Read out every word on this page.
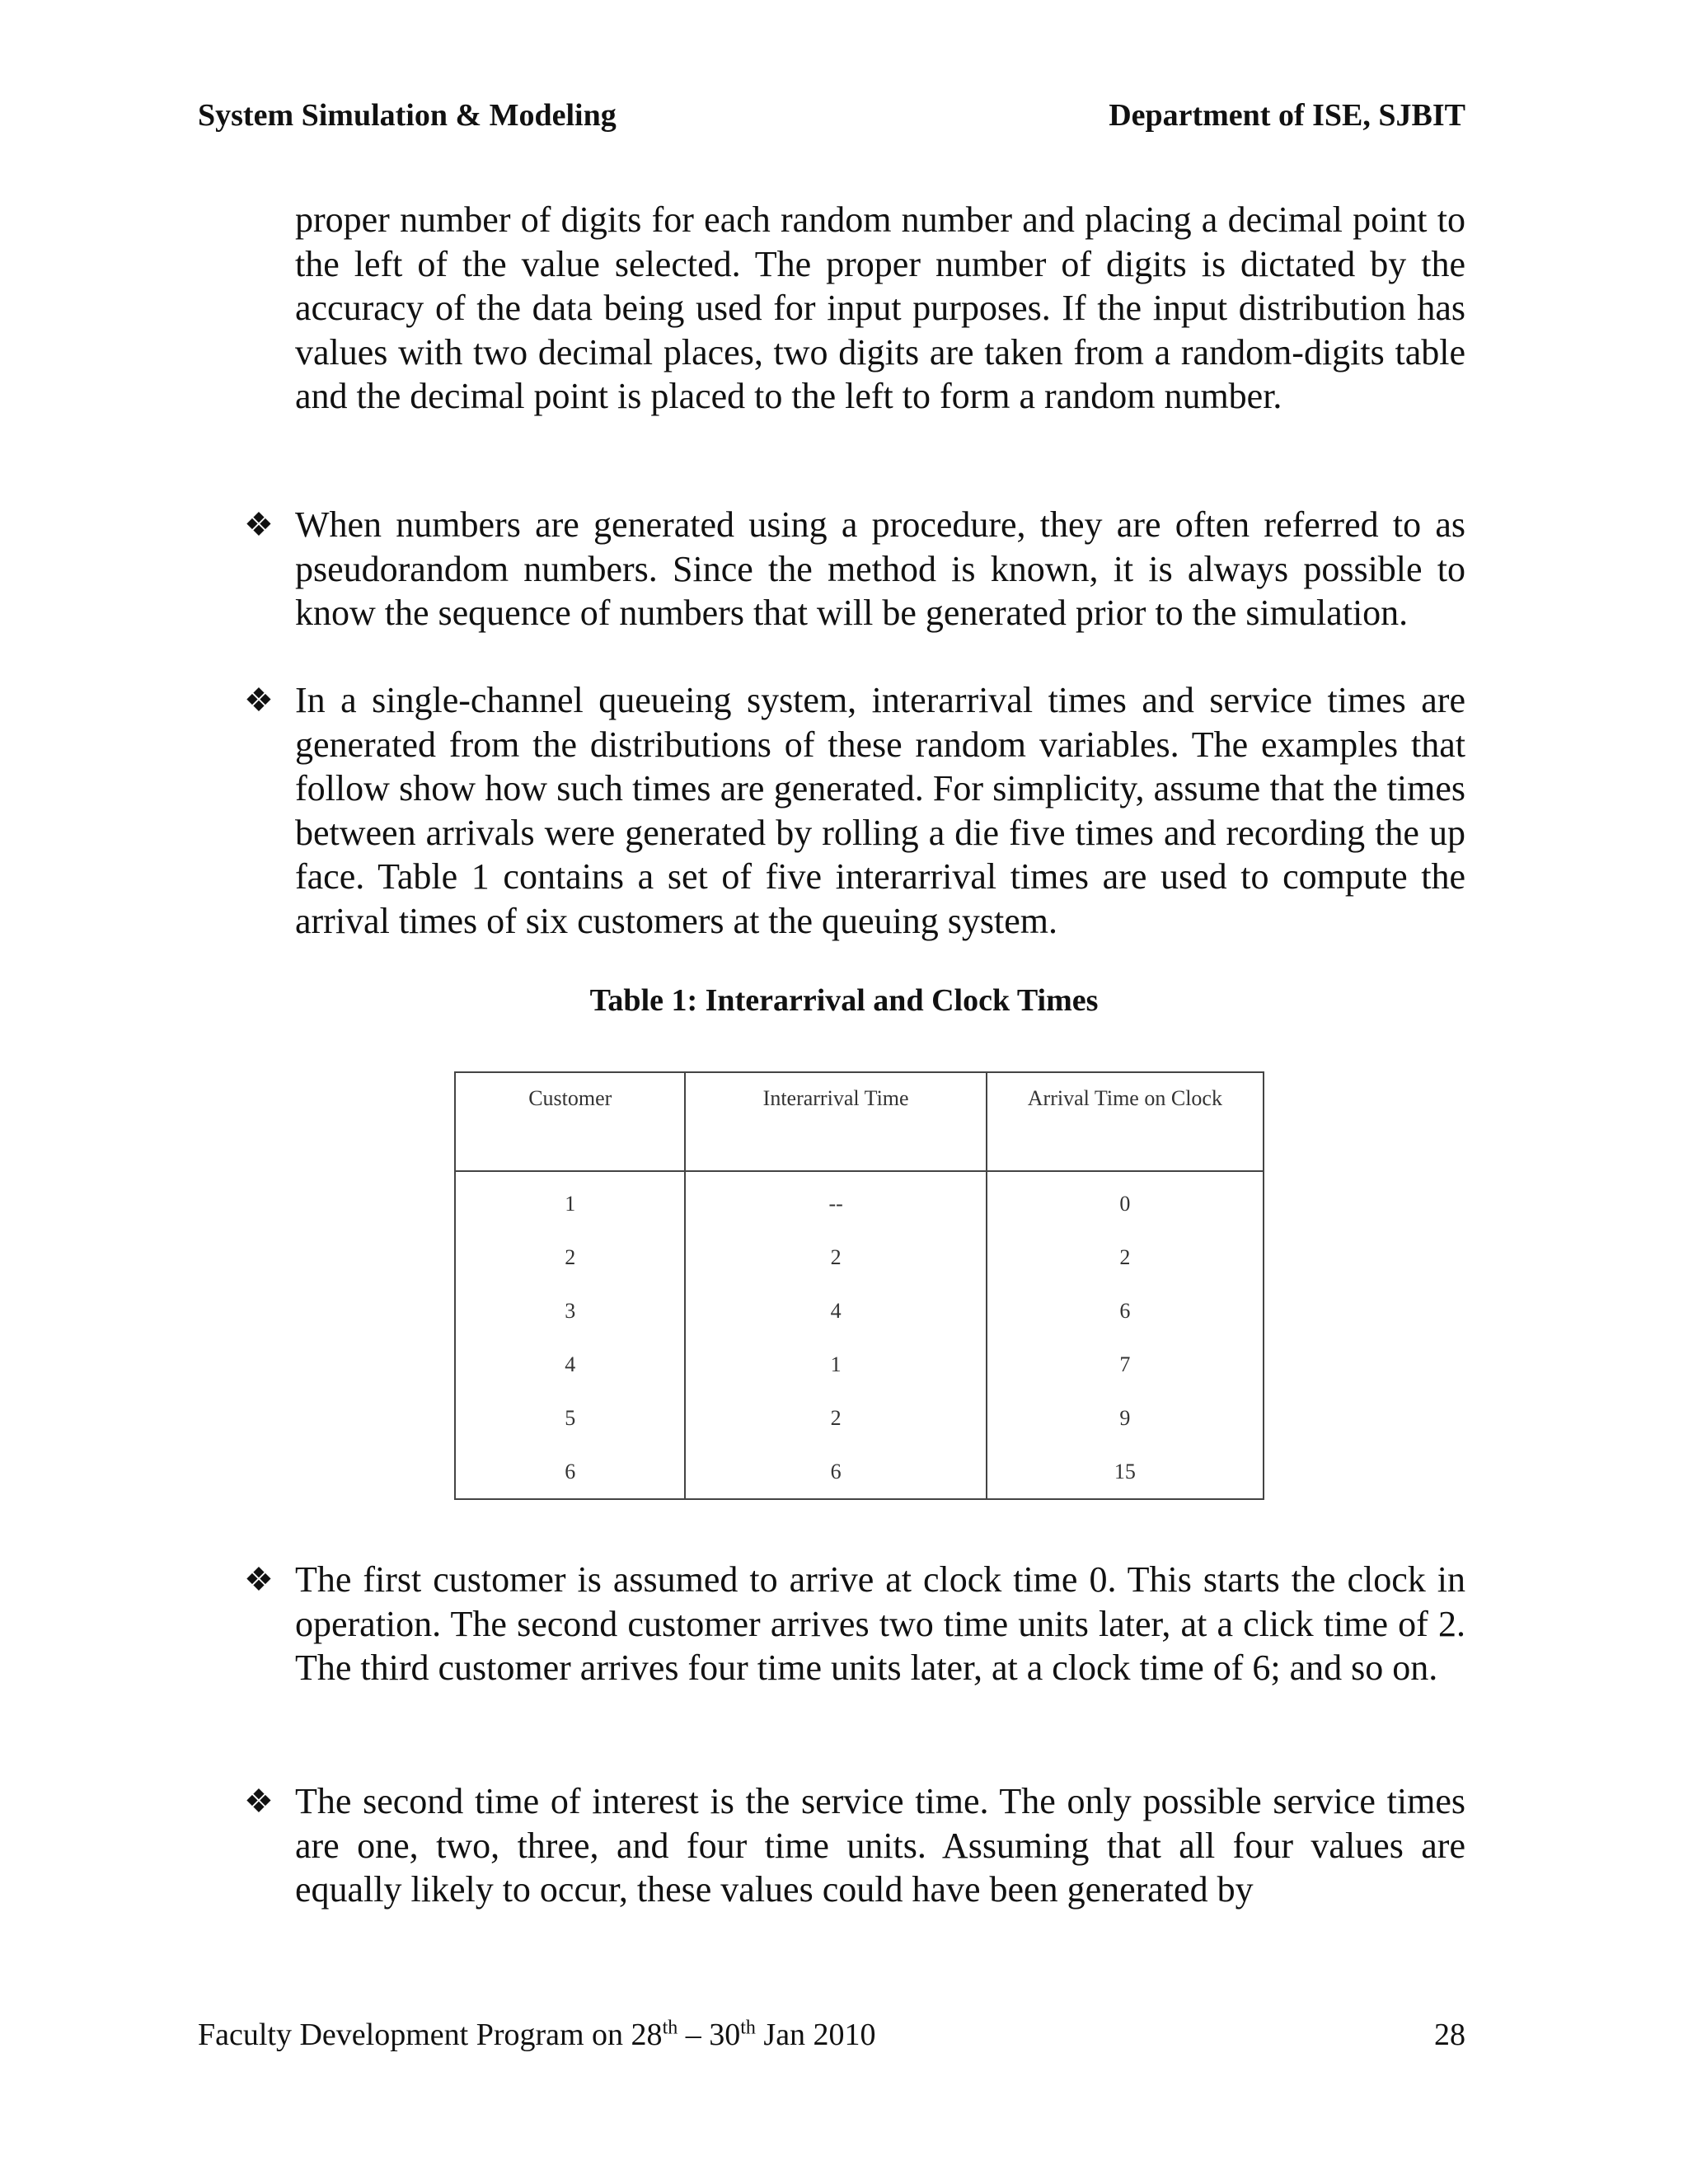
System Simulation & Modeling	Department of ISE, SJBIT

proper number of digits for each random number and placing a decimal point to the left of the value selected. The proper number of digits is dictated by the accuracy of the data being used for input purposes. If the input distribution has values with two decimal places, two digits are taken from a random-digits table and the decimal point is placed to the left to form a random number.

❖ When numbers are generated using a procedure, they are often referred to as pseudorandom numbers. Since the method is known, it is always possible to know the sequence of numbers that will be generated prior to the simulation.

❖ In a single-channel queueing system, interarrival times and service times are generated from the distributions of these random variables. The examples that follow show how such times are generated. For simplicity, assume that the times between arrivals were generated by rolling a die five times and recording the up face. Table 1 contains a set of five interarrival times are used to compute the arrival times of six customers at the queuing system.

Table 1: Interarrival and Clock Times
Customer	Interarrival Time	Arrival Time on Clock
1	--	0
2	2	2
3	4	6
4	1	7
5	2	9
6	6	15
❖ The first customer is assumed to arrive at clock time 0. This starts the clock in operation. The second customer arrives two time units later, at a click time of 2. The third customer arrives four time units later, at a clock time of 6; and so on.

❖ The second time of interest is the service time. The only possible service times are one, two, three, and four time units. Assuming that all four values are equally likely to occur, these values could have been generated by

Faculty Development Program on 28th – 30th Jan 2010	28
